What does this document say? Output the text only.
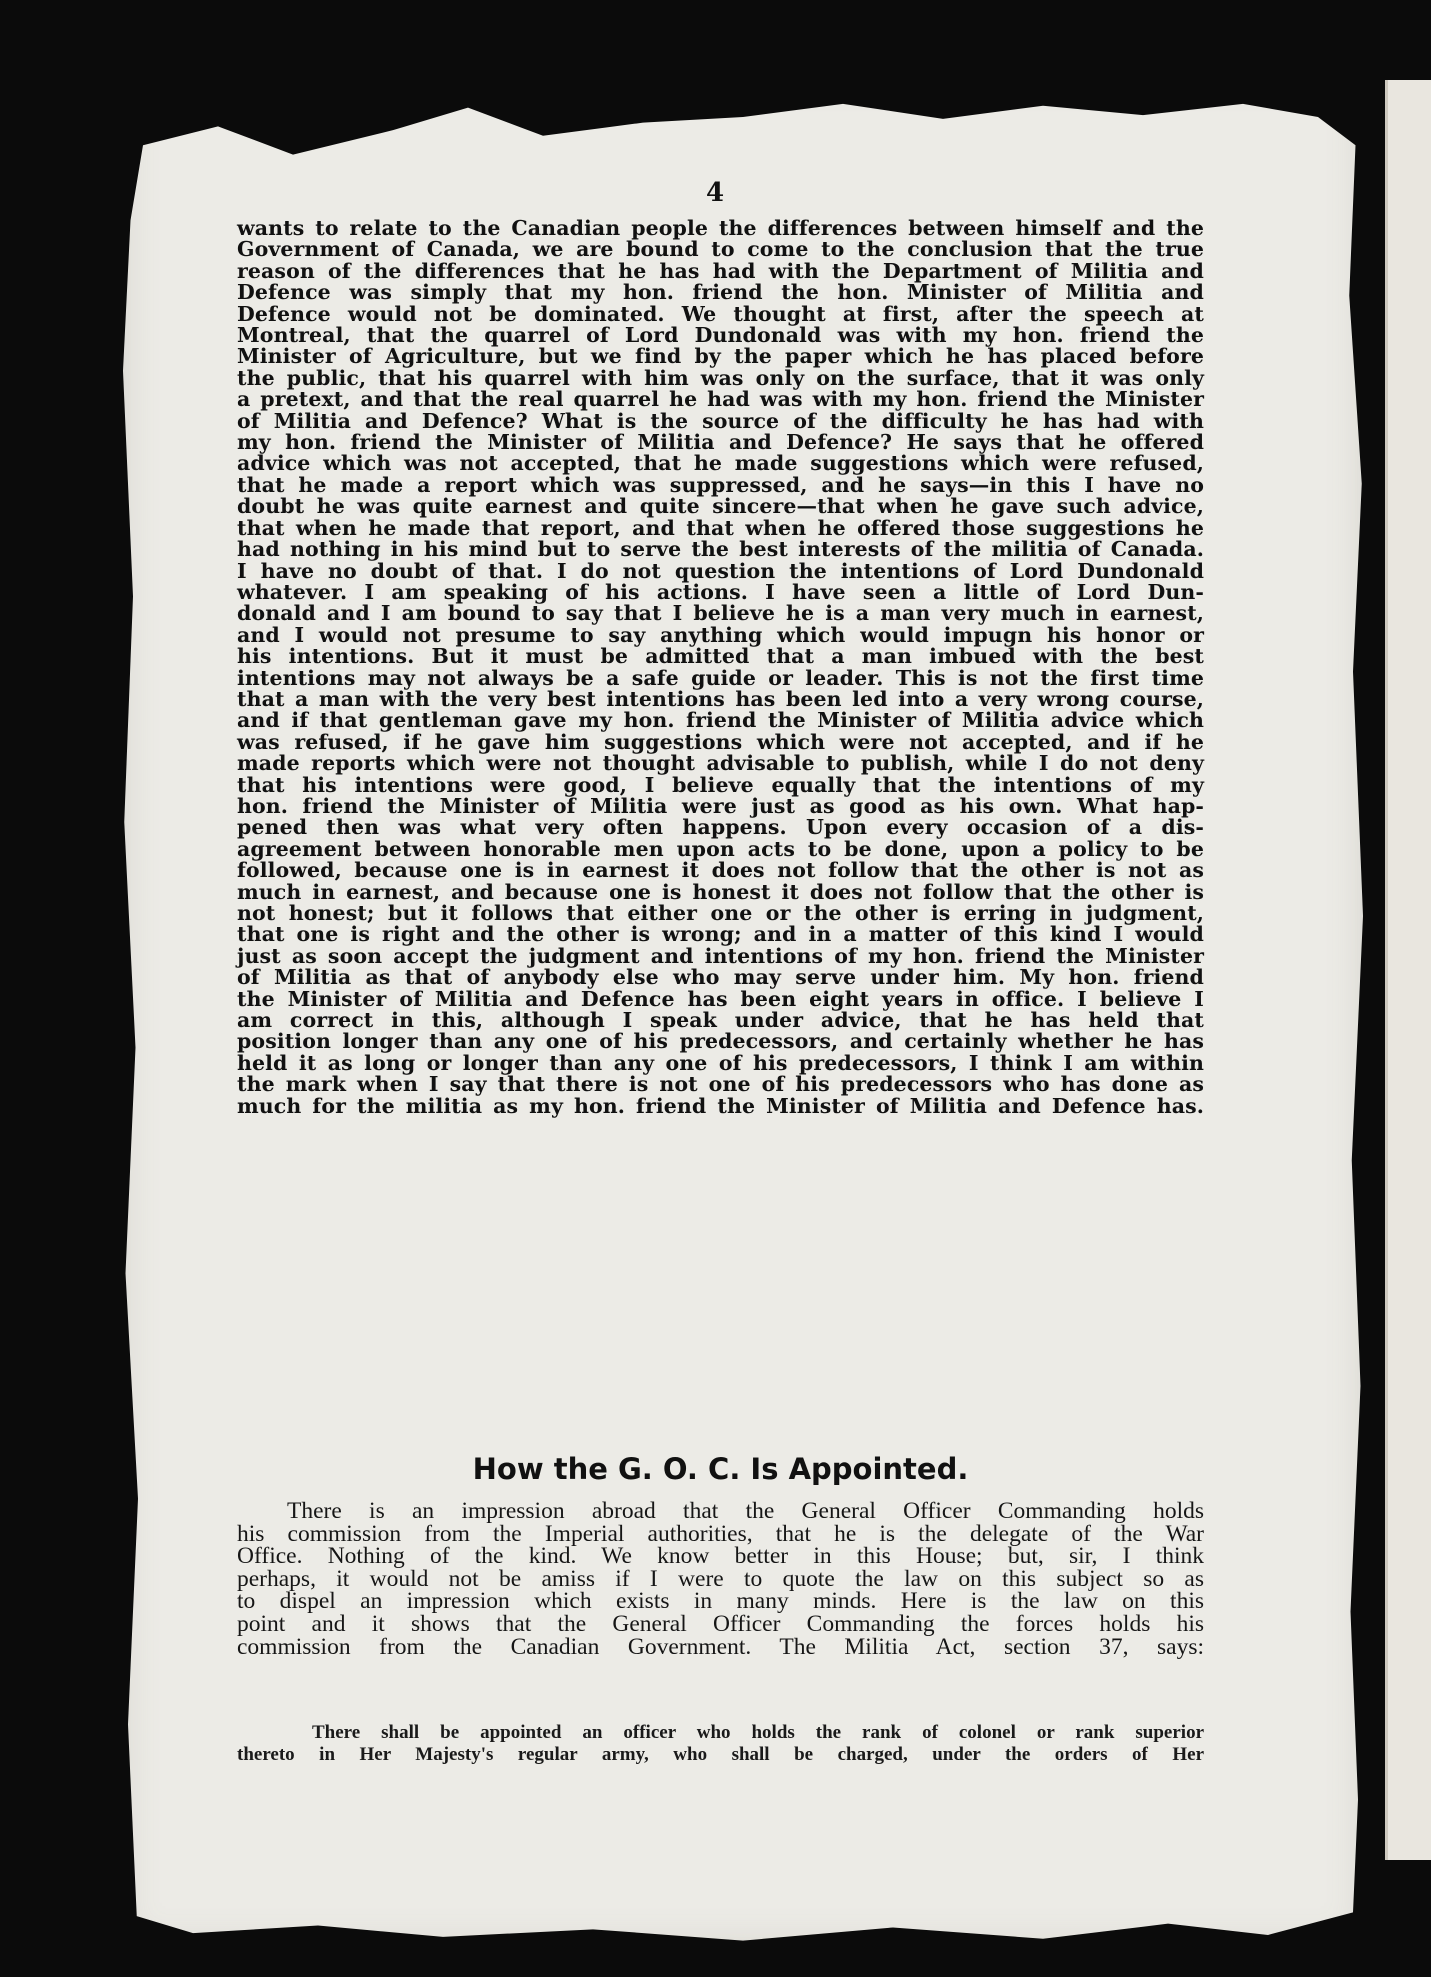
4
wants to relate to the Canadian people the differences between himself and the
Government of Canada, we are bound to come to the conclusion that the true
reason of the differences that he has had with the Department of Militia and
Defence was simply that my hon. friend the hon. Minister of Militia and
Defence would not be dominated. We thought at first, after the speech at
Montreal, that the quarrel of Lord Dundonald was with my hon. friend the
Minister of Agriculture, but we find by the paper which he has placed before
the public, that his quarrel with him was only on the surface, that it was only
a pretext, and that the real quarrel he had was with my hon. friend the Minister
of Militia and Defence? What is the source of the difficulty he has had with
my hon. friend the Minister of Militia and Defence? He says that he offered
advice which was not accepted, that he made suggestions which were refused,
that he made a report which was suppressed, and he says—in this I have no
doubt he was quite earnest and quite sincere—that when he gave such advice,
that when he made that report, and that when he offered those suggestions he
had nothing in his mind but to serve the best interests of the militia of Canada.
I have no doubt of that. I do not question the intentions of Lord Dundonald
whatever. I am speaking of his actions. I have seen a little of Lord Dun-
donald and I am bound to say that I believe he is a man very much in earnest,
and I would not presume to say anything which would impugn his honor or
his intentions. But it must be admitted that a man imbued with the best
intentions may not always be a safe guide or leader. This is not the first time
that a man with the very best intentions has been led into a very wrong course,
and if that gentleman gave my hon. friend the Minister of Militia advice which
was refused, if he gave him suggestions which were not accepted, and if he
made reports which were not thought advisable to publish, while I do not deny
that his intentions were good, I believe equally that the intentions of my
hon. friend the Minister of Militia were just as good as his own. What hap-
pened then was what very often happens. Upon every occasion of a dis-
agreement between honorable men upon acts to be done, upon a policy to be
followed, because one is in earnest it does not follow that the other is not as
much in earnest, and because one is honest it does not follow that the other is
not honest; but it follows that either one or the other is erring in judgment,
that one is right and the other is wrong; and in a matter of this kind I would
just as soon accept the judgment and intentions of my hon. friend the Minister
of Militia as that of anybody else who may serve under him. My hon. friend
the Minister of Militia and Defence has been eight years in office. I believe I
am correct in this, although I speak under advice, that he has held that
position longer than any one of his predecessors, and certainly whether he has
held it as long or longer than any one of his predecessors, I think I am within
the mark when I say that there is not one of his predecessors who has done as
much for the militia as my hon. friend the Minister of Militia and Defence has.
How the G. O. C. Is Appointed.
There is an impression abroad that the General Officer Commanding holds
his commission from the Imperial authorities, that he is the delegate of the War
Office. Nothing of the kind. We know better in this House; but, sir, I think
perhaps, it would not be amiss if I were to quote the law on this subject so as
to dispel an impression which exists in many minds. Here is the law on this
point and it shows that the General Officer Commanding the forces holds his
commission from the Canadian Government. The Militia Act, section 37, says:
There shall be appointed an officer who holds the rank of colonel or rank superior
thereto in Her Majesty's regular army, who shall be charged, under the orders of Her
